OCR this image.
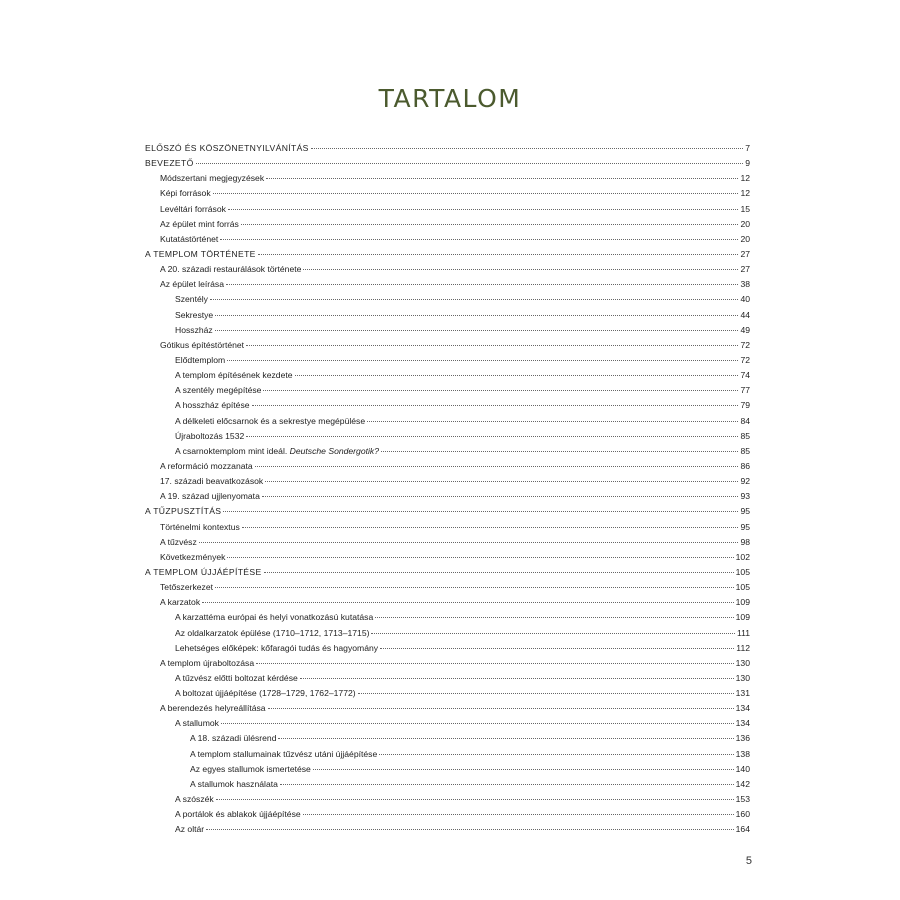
TARTALOM
ELŐSZÓ ÉS KÖSZÖNETNYILVÁNÍTÁS	7
BEVEZETŐ	9
Módszertani megjegyzések	12
Képi források	12
Levéltári források	15
Az épület mint forrás	20
Kutatástörténet	20
A TEMPLOM TÖRTÉNETE	27
A 20. századi restaurálások története	27
Az épület leírása	38
Szentély	40
Sekrestye	44
Hosszház	49
Gótikus építéstörténet	72
Elődtemplom	72
A templom építésének kezdete	74
A szentély megépítése	77
A hosszház építése	79
A délkeleti előcsarnok és a sekrestye megépülése	84
Újraboltozás 1532	85
A csarnoktemplom mint ideál. Deutsche Sondergotik?	85
A reformáció mozzanata	86
17. századi beavatkozások	92
A 19. század ujjlenyomata	93
A TŰZPUSZTÍTÁS	95
Történelmi kontextus	95
A tűzvész	98
Következmények	102
A TEMPLOM ÚJJÁÉPÍTÉSE	105
Tetőszerkezet	105
A karzatok	109
A karzattéma európai és helyi vonatkozású kutatása	109
Az oldalkarzatok épülése (1710–1712, 1713–1715)	111
Lehetséges előképek: kőfaragói tudás és hagyomány	112
A templom újraboltozása	130
A tűzvész előtti boltozat kérdése	130
A boltozat újjáépítése (1728–1729, 1762–1772)	131
A berendezés helyreállítása	134
A stallumok	134
A 18. századi ülésrend	136
A templom stallumainak tűzvész utáni újjáépítése	138
Az egyes stallumok ismertetése	140
A stallumok használata	142
A szószék	153
A portálok és ablakok újjáépítése	160
Az oltár	164
5
